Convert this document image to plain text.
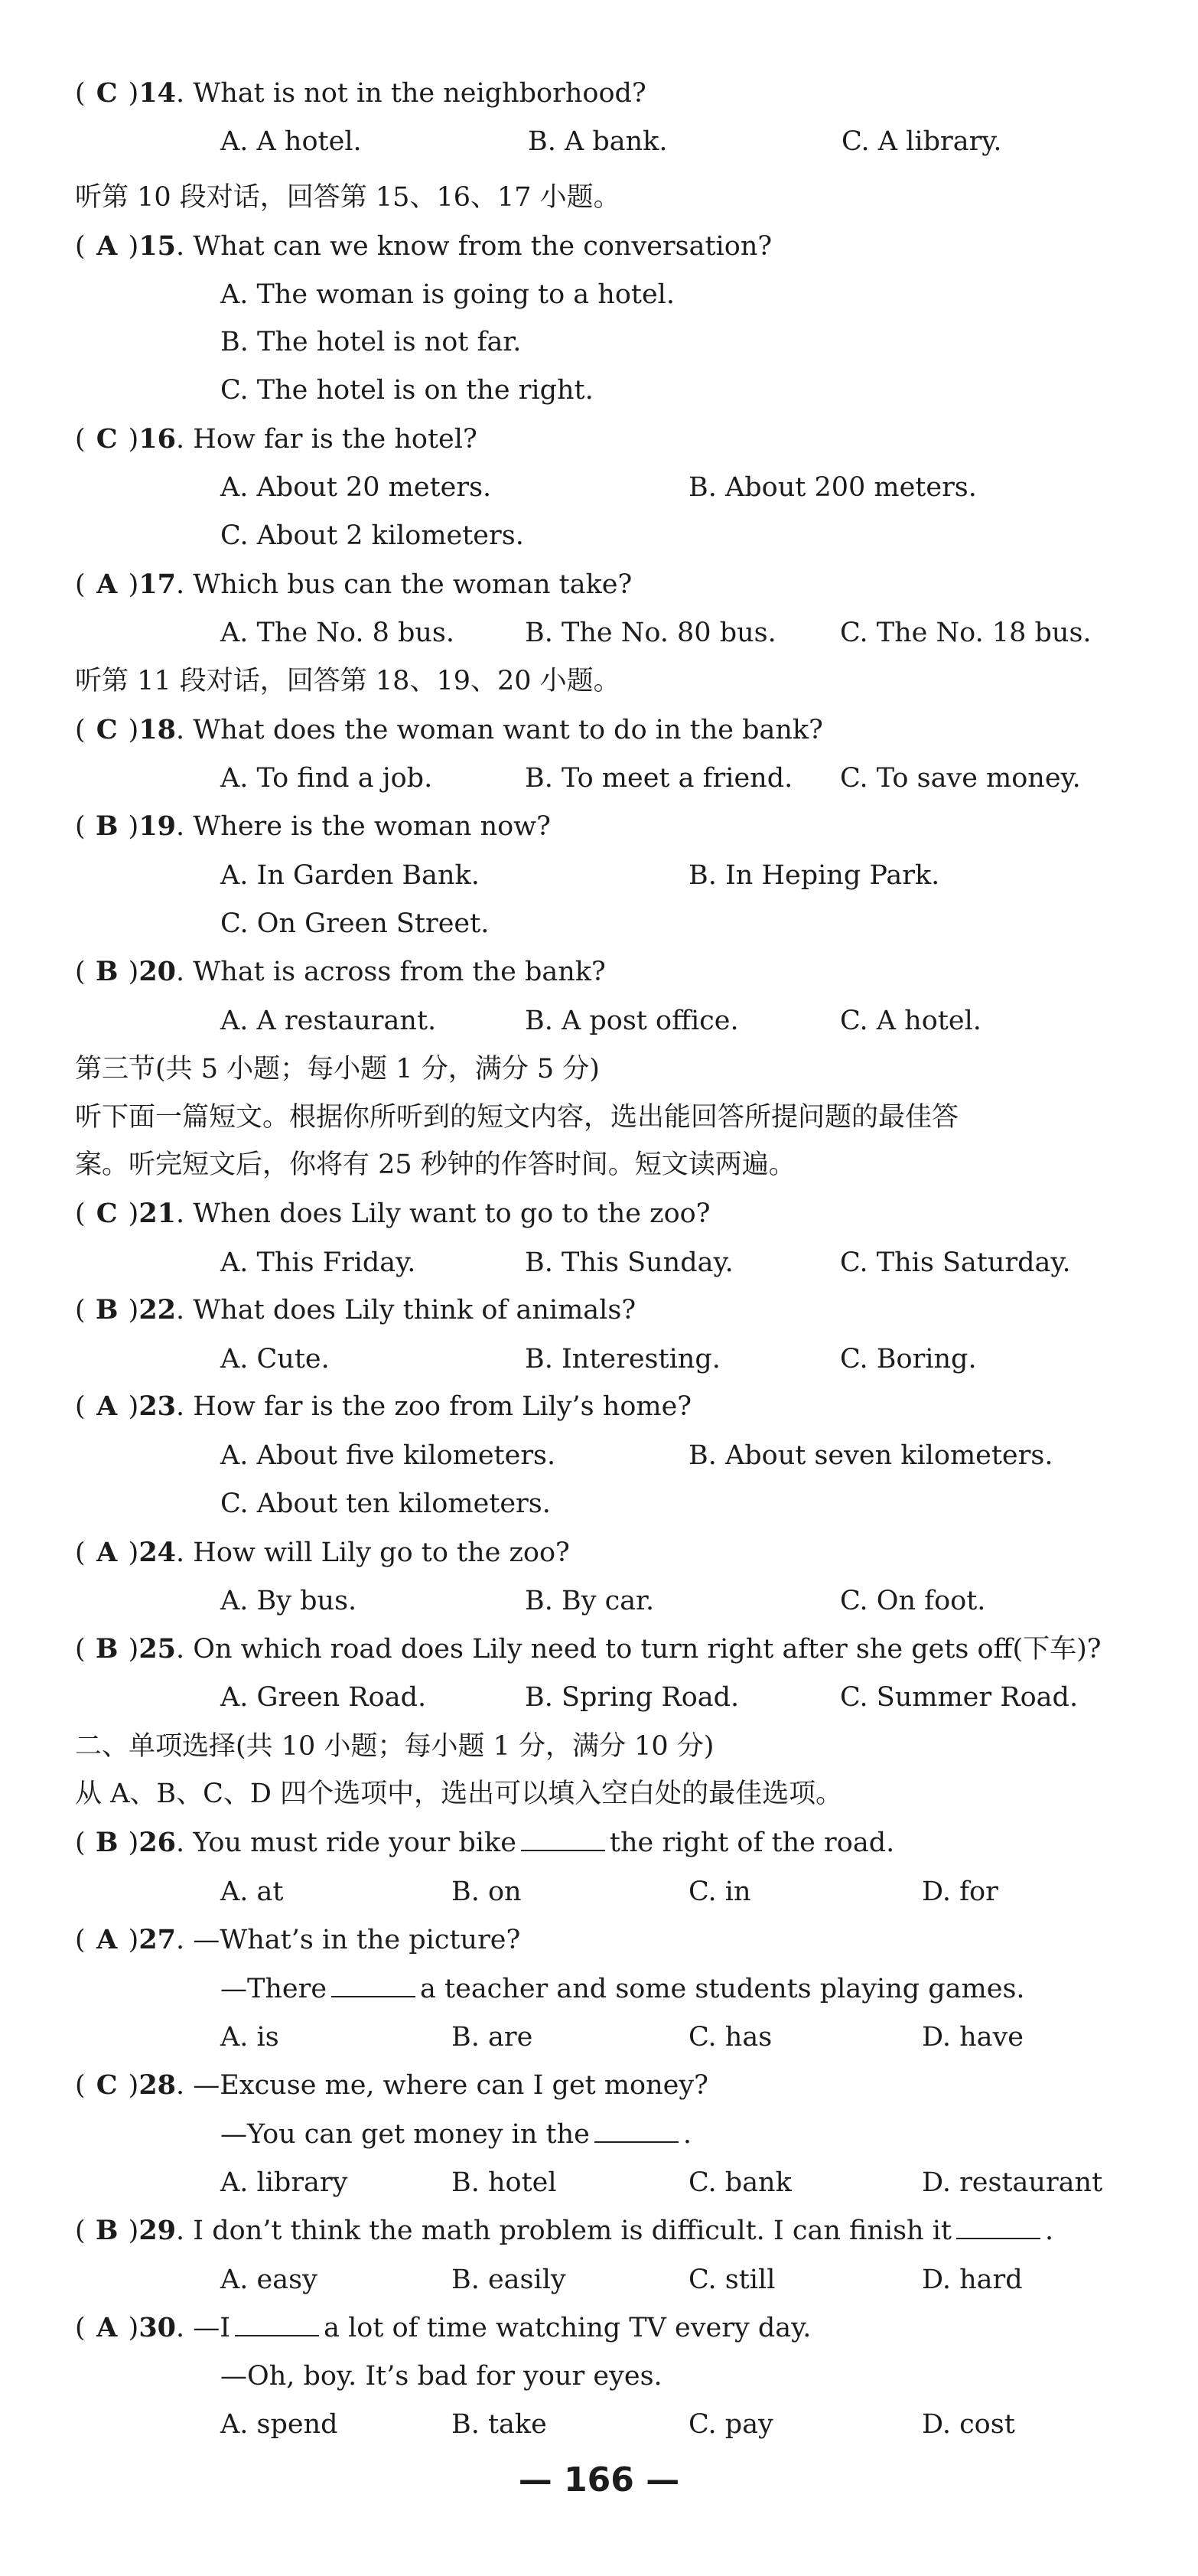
( C )14. What is not in the neighborhood?
A. A hotel.	B. A bank.	C. A library.
听第 10 段对话，回答第 15、16、17 小题。
( A )15. What can we know from the conversation?
A. The woman is going to a hotel.
B. The hotel is not far.
C. The hotel is on the right.
( C )16. How far is the hotel?
A. About 20 meters.	B. About 200 meters.
C. About 2 kilometers.
( A )17. Which bus can the woman take?
A. The No. 8 bus.	B. The No. 80 bus. C. The No. 18 bus.
听第 11 段对话，回答第 18、19、20 小题。
( C )18. What does the woman want to do in the bank?
A. To find a job.	B. To meet a friend. C. To save money.
( B )19. Where is the woman now?
A. In Garden Bank.	B. In Heping Park.
C. On Green Street.
( B )20. What is across from the bank?
A. A restaurant.	B. A post office.	C. A hotel.
第三节(共 5 小题；每小题 1 分，满分 5 分)
听下面一篇短文。根据你所听到的短文内容，选出能回答所提问题的最佳答
案。听完短文后，你将有 25 秒钟的作答时间。短文读两遍。
( C )21. When does Lily want to go to the zoo?
A. This Friday.	B. This Sunday.	C. This Saturday.
( B )22. What does Lily think of animals?
A. Cute.	B. Interesting.	C. Boring.
( A )23. How far is the zoo from Lily’s home?
A. About five kilometers.	B. About seven kilometers.
C. About ten kilometers.
( A )24. How will Lily go to the zoo?
A. By bus.	B. By car.	C. On foot.
( B )25. On which road does Lily need to turn right after she gets off(下车)?
A. Green Road.	B. Spring Road.	C. Summer Road.
二、单项选择(共 10 小题；每小题 1 分，满分 10 分)
从 A、B、C、D 四个选项中，选出可以填入空白处的最佳选项。
( B )26. You must ride your bike	the right of the road.
A. at	B. on	C. in	D. for
( A )27. —What’s in the picture?
—There	a teacher and some students playing games.
A. is	B. are	C. has	D. have
( C )28. —Excuse me, where can I get money?
—You can get money in the	.
A. library	B. hotel	C. bank	D. restaurant
( B )29. I don’t think the math problem is difficult. I can finish it	.
A. easy	B. easily	C. still	D. hard
( A )30. —I	a lot of time watching TV every day.
—Oh, boy. It’s bad for your eyes.
A. spend	B. take	C. pay	D. cost
— 166 —
